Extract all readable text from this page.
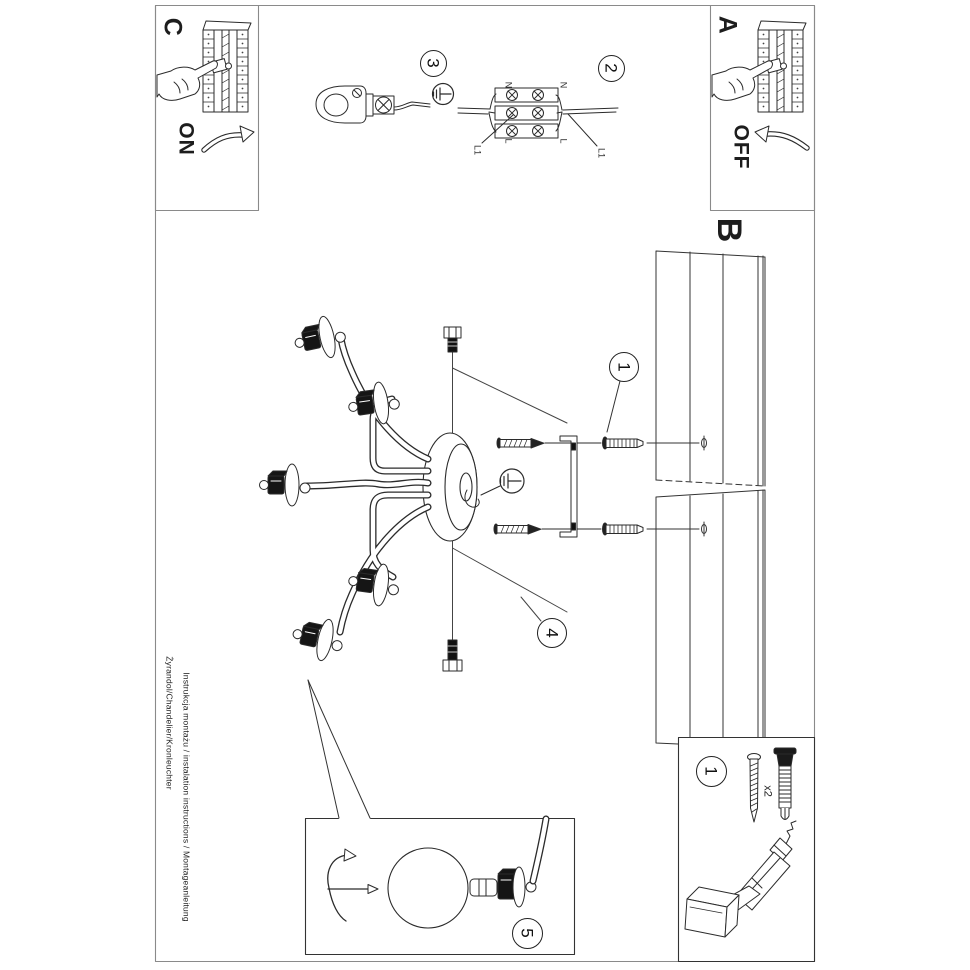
C
ON
A
OFF
B
3
2
1
4
5
1
N	N
L	L
L1	L1
x2
Instrukcja montażu / instalation instructions / Montageanleitung
Żyrandol/Chandelier/Kronleuchter
